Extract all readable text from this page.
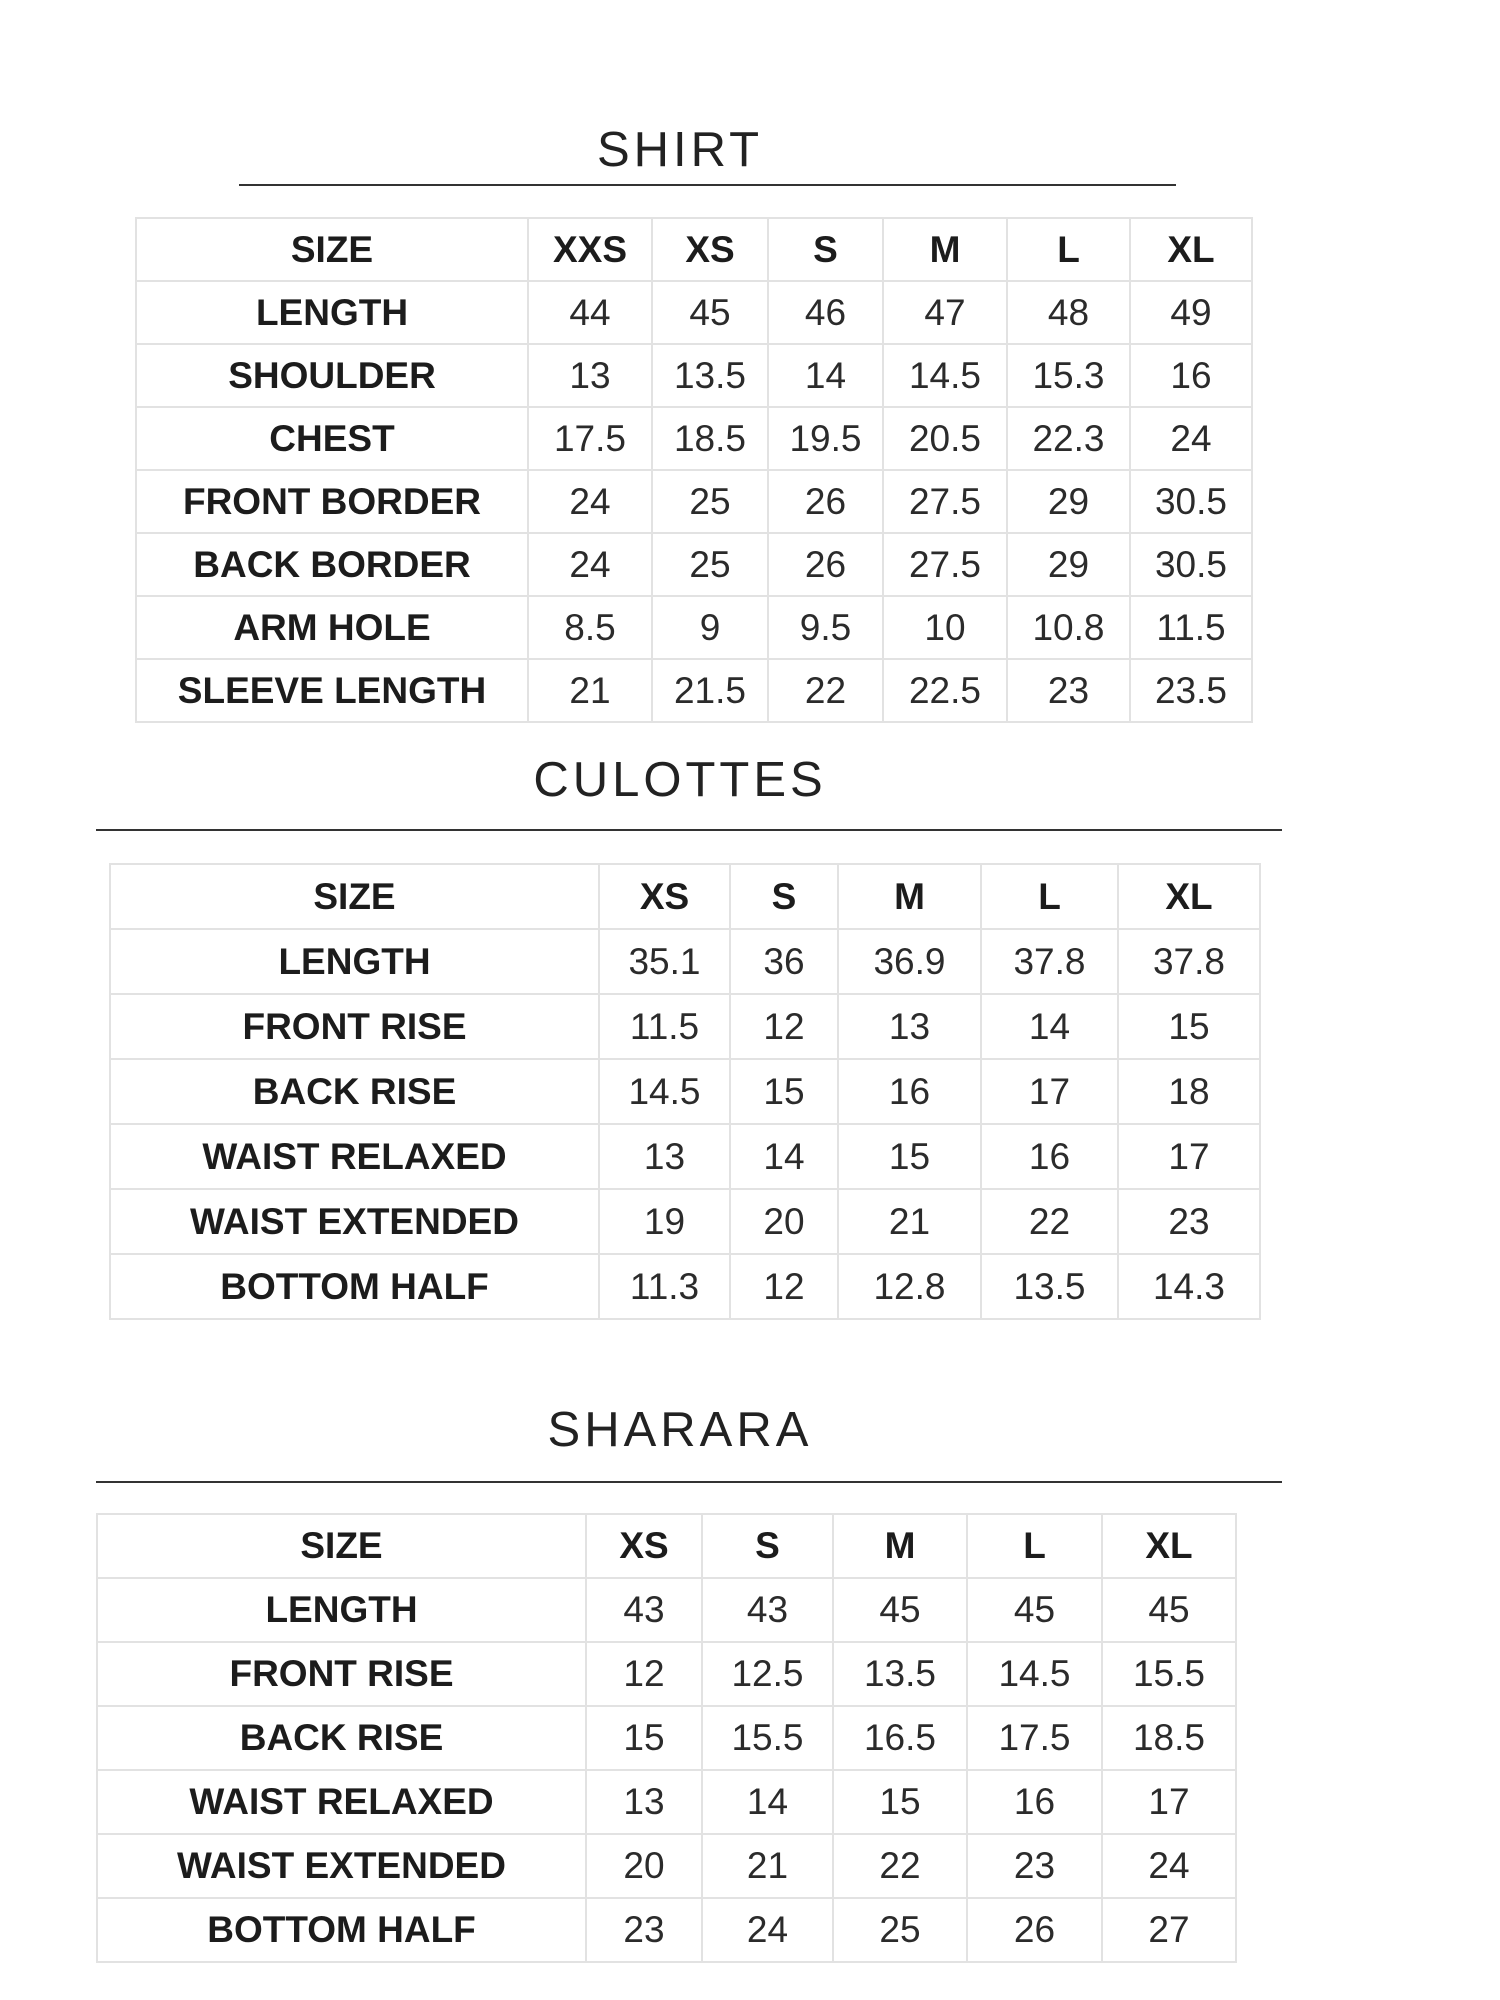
SHIRT
SIZE	XXS	XS	S	M	L	XL
LENGTH	44	45	46	47	48	49
SHOULDER	13	13.5	14	14.5	15.3	16
CHEST	17.5	18.5	19.5	20.5	22.3	24
FRONT BORDER	24	25	26	27.5	29	30.5
BACK BORDER	24	25	26	27.5	29	30.5
ARM HOLE	8.5	9	9.5	10	10.8	11.5
SLEEVE LENGTH	21	21.5	22	22.5	23	23.5
CULOTTES
SIZE	XS	S	M	L	XL
LENGTH	35.1	36	36.9	37.8	37.8
FRONT RISE	11.5	12	13	14	15
BACK RISE	14.5	15	16	17	18
WAIST RELAXED	13	14	15	16	17
WAIST EXTENDED	19	20	21	22	23
BOTTOM HALF	11.3	12	12.8	13.5	14.3
SHARARA
SIZE	XS	S	M	L	XL
LENGTH	43	43	45	45	45
FRONT RISE	12	12.5	13.5	14.5	15.5
BACK RISE	15	15.5	16.5	17.5	18.5
WAIST RELAXED	13	14	15	16	17
WAIST EXTENDED	20	21	22	23	24
BOTTOM HALF	23	24	25	26	27
